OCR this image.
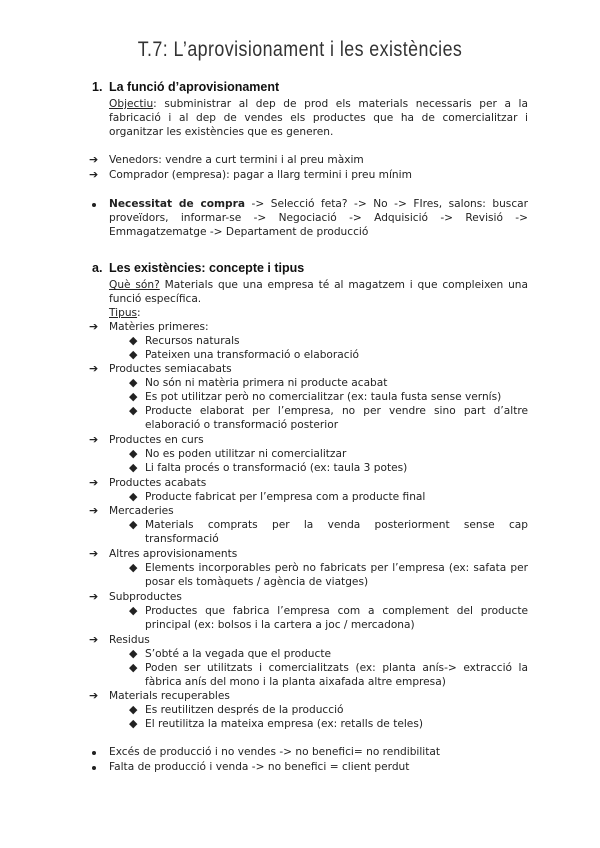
T.7: L’aprovisionament i les existències
1. La funció d’aprovisionament
Objectiu: subministrar al dep de prod els materials necessaris per a la fabricació i al dep de vendes els productes que ha de comercialitzar i organitzar les existències que es generen.
➔ Venedors: vendre a curt termini i al preu màxim
➔ Comprador (empresa): pagar a llarg termini i preu mínim
Necessitat de compra -> Selecció feta? -> No -> FIres, salons: buscar proveïdors, informar-se -> Negociació -> Adquisició -> Revisió -> Emmagatzematge -> Departament de producció
a. Les existències: concepte i tipus
Què són? Materials que una empresa té al magatzem i que compleixen una funció específica.
Tipus:
➔ Matèries primeres:
◆ Recursos naturals
◆ Pateixen una transformació o elaboració
➔ Productes semiacabats
◆ No són ni matèria primera ni producte acabat
◆ Es pot utilitzar però no comercialitzar (ex: taula fusta sense vernís)
◆ Producte elaborat per l’empresa, no per vendre sino part d’altre elaboració o transformació posterior
➔ Productes en curs
◆ No es poden utilitzar ni comercialitzar
◆ Li falta procés o transformació (ex: taula 3 potes)
➔ Productes acabats
◆ Producte fabricat per l’empresa com a producte final
➔ Mercaderies
◆ Materials comprats per la venda posteriorment sense cap transformació
➔ Altres aprovisionaments
◆ Elements incorporables però no fabricats per l’empresa (ex: safata per posar els tomàquets / agència de viatges)
➔ Subproductes
◆ Productes que fabrica l’empresa com a complement del producte principal (ex: bolsos i la cartera a joc / mercadona)
➔ Residus
◆ S’obté a la vegada que el producte
◆ Poden ser utilitzats i comercialitzats (ex: planta anís-> extracció la fàbrica anís del mono i la planta aixafada altre empresa)
➔ Materials recuperables
◆ Es reutilitzen després de la producció
◆ El reutilitza la mateixa empresa (ex: retalls de teles)
Excés de producció i no vendes -> no benefici= no rendibilitat
Falta de producció i venda -> no benefici = client perdut
